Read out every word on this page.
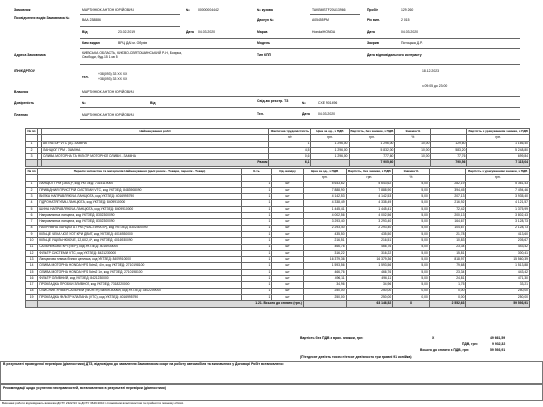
Замовник	МАРТИНЮК АНТОН ЮРІЙОВИЧ	№ 00000004442	№ кузова	TAKBMSTF20U13966	Пробіг	129 260
Посвідчення водія Замовника №	ВАА 238886	Двигун №	A05455PM	Рік вип.	2 015
Від	23.02.2019	Дата 04.03.2020	Марка	Honda/HONDA	Дата	04.03.2020
Ким видан	ВРЦ ДАІ м. Обухів	Модель	Закрив	Потоцька Д.Р.
Адреса Замовника	КИЇВСЬКА ОБЛАСТЬ, КИЄВО-СВЯТОШИНСЬКИЙ Р-Н, Боярка, Свободи, буд.15 1 кв 5	Тип КПП	Дата відповідального контракту
ІПН/ЄДРПОУ	18.12.2023
тел.
+38(093) 33 XX XX
+38(093) 33 XX XX
з 09:05 до 23:00
Власник	МАРТИНЮК АНТОН ЮРІЙОВИЧ
Довіреність	№	Від	Свід-во реєстр. ТЗ	№	CXE 901496
Тел.
Платник	МАРТИНЮК АНТОН ЮРІЙОВИЧ	Дата 04.03.2020
№ пп		Найменування робіт	Фактична трудомісткість	Ціна за од., з ПДВ	Вартість, без знижки, з ПДВ	Знижка %		Вартість з урахуванням знижки, з ПДВ
			н/г	грн.	грн.	%		грн.
1		АКТУАТОР VTC (А)- ЗАМІНА	1	1 296,00	1 296,00	10,00	129,60	1 166,40
2		ЛАНЦЮГ ГРМ - ЗАМІНА	4,5	1 296,00	5 832,00	10,00	583,20	5 248,80
3		ОЛИВА МОТОРНА ТА ФІЛЬТР МОТОРНОЇ ОЛИВИ - ЗАМІНА	0,6	1 296,00	777,60	10,00	77,76	699,84
		Разом	6,1		7 905,60		790,56	7 115,04
№ пп	Перелік запчастин та матеріалів Найменування (далі разом - Товари, перелік - Товар)	К-ть	Од. виміру	Ціна за од., з ПДВ	Вартість, без знижки, з ПДВ	Знижка %		Вартість з урахуванням знижки, з ПДВ
				грн.	грн.	%		грн.
1	ЛАНЦЮГ ГРМ (160L)*, код УКТЗЕД: 7315119000	1	шт	5 643,62	5 643,62	5,00	282,19	5 361,43
2	ПРИВІДНИЙ ПРИСТРІЙ СИСТЕМИ VTC, код УКТЗЕД: 8483908090	1	шт	7 888,90	7 888,90	5,00	394,45	7 494,46
3	ВИЛКА НАПРАВЛЯЮЧА ЛАНЦЮГА, код УКТЗЕД: 4016995790	1	шт	4 142,53	4 142,53	5,00	207,13	3 935,40
4	ГІДРОНАТЯГУВАЧ ЛАНЦЮГА, код УКТЗЕД: 8409910000	1	шт	4 338,49	4 338,49	5,00	216,92	4 121,57
5	ШИНА НАПРАВЛЯЮЧА ЛАНЦЮГА, код УКТЗЕД: 8409910000	1	шт	1 445,41	1 445,41	5,00	72,42	1 375,99
6	Направляюча ланцюга, код УКТЗЕД: 8302300090	1	шт	4 002,56	4 002,56	5,00	200,13	3 802,43
7	Направляюча ланцюга, код УКТЗЕД: 8302300090	1	шт	3 293,40	3 293,40	5,00	164,67	3 128,73
8	НАПРЯМНА ЛАНЦЮГА ГРМ (*ЧАСТИНА В*), код УКТЗЕД: 8302300090	1	шт	2 293,40	2 293,40	5,00	104,67	2 128,73
9	КІЛЬЦЕ ЧЕКА ЧОЛ УОТ КРИ ДВИГ, код УКТЗЕД: 4016930000	1	шт	435,50	435,50	5,00	21,78	413,60
10	КІЛЬЦЕ УЩІЛЬНЮЮЧЕ, 12,6Х2,4*, код УКТЗЕД: 4016930090	1	шт	216,51	216,51	5,00	10,83	205,67
11	САЛЬНИКОВЕ КРІ (ПЕР), код УКТЗЕД: 4016930000	1	шт	466,76	466,76	5,00	23,34	443,42
12	ФІЛЬТР СИСТЕМИ VTC, код УКТЗЕД: 8421230000	1	шт	316,22	316,22	5,00	15,81	300,41
13	Ланцюгова пляма бічних цепляка, код УКТЗЕД: 8409910000	1	шт	16 379,36	16 379,36	5,00	818,97	15 560,39
14	ОЛИВА МОТОРНА HONDA HFS 5dm2, 4/л, код УКТЗЕД: 2710198100	1	шт	1 593,56	1 593,56	5,00	79,68	1 513,88
15	ОЛИВА МОТОРНА HONDA HFS 5dm2 1л, код УКТЗЕД: 2710198100	1	шт	466,76	466,76	5,00	23,34	443,42
16	ФІЛЬТР ОЛИВНИЙ, код УКТЗЕД: 8421230000	1	шт	496,11	496,11	5,00	24,81	471,30
17	ПРОКЛАДКА ПРОБКИ ЗЛИВНОЇ, код УКТЗЕД: 7318220000	1	шт	34,96	34,96	5,00	1,75	33,21
18	ОЧИСНИК УНІВЕРСАЛЬНИЙ (WURTH) балон-500мл, код УКТЗЕД: 3402209000	1	шт	250,00	250,00	0,00	0,00	250,00
19	ПРОКЛАДКА ФІЛЬТР КЛАПАНА (VTC), код УКТЗЕД: 4016995790	1	шт	250,00	250,00	0,00	0,00	250,00
	1.21. Всього до сплати (грн.)				63 146,52	Х	2 552,63	59 593,91
Вартість без ПДВ з врах. знижки, грн:	Х	49 661,59
ПДВ, грн:	9 932,32
Всього до сплати з ПДВ, грн:	59 593,91
(П'ятдесят дев'ять тисяч п'ятсот дев'яносто три гривні 91 копійка)
В результаті проведеної перевірки (діагностики) ДТЗ, відповідно до заявлення Замовником скарг на роботу автомобіля та визначених у Договорі Робіт встановлено:
Рекомендації щодо усунення несправностей, встановлених в результаті перевірки (діагностики)
Виконані роботи відповідають вимогам ДСТУ 2322:93 та ДСТУ 3649:2010 і споживчим властивостям та прийняті в повному обсязі.
